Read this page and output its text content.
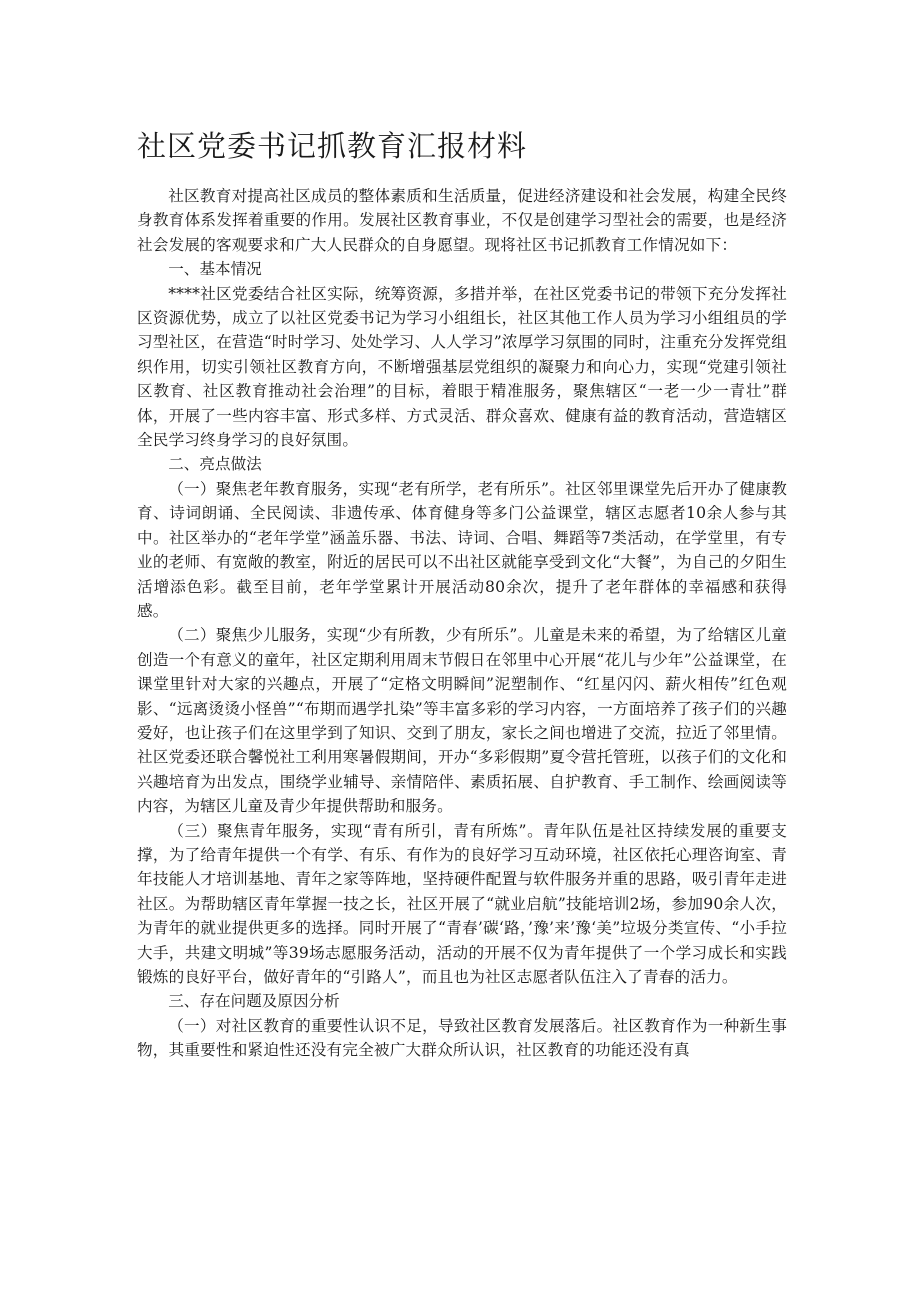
社区党委书记抓教育汇报材料

社区教育对提高社区成员的整体素质和生活质量，促进经济建设和社会发展，构建全民终身教育体系发挥着重要的作用。发展社区教育事业，不仅是创建学习型社会的需要，也是经济社会发展的客观要求和广大人民群众的自身愿望。现将社区书记抓教育工作情况如下：

一、基本情况

****社区党委结合社区实际，统筹资源，多措并举，在社区党委书记的带领下充分发挥社区资源优势，成立了以社区党委书记为学习小组组长，社区其他工作人员为学习小组组员的学习型社区，在营造“时时学习、处处学习、人人学习”浓厚学习氛围的同时，注重充分发挥党组织作用，切实引领社区教育方向，不断增强基层党组织的凝聚力和向心力，实现“党建引领社区教育、社区教育推动社会治理”的目标，着眼于精准服务，聚焦辖区“一老一少一青壮”群体，开展了一些内容丰富、形式多样、方式灵活、群众喜欢、健康有益的教育活动，营造辖区全民学习终身学习的良好氛围。

二、亮点做法

（一）聚焦老年教育服务，实现“老有所学，老有所乐”。社区邻里课堂先后开办了健康教育、诗词朗诵、全民阅读、非遗传承、体育健身等多门公益课堂，辖区志愿者10余人参与其中。社区举办的“老年学堂”涵盖乐器、书法、诗词、合唱、舞蹈等7类活动，在学堂里，有专业的老师、有宽敞的教室，附近的居民可以不出社区就能享受到文化“大餐”，为自己的夕阳生活增添色彩。截至目前，老年学堂累计开展活动80余次，提升了老年群体的幸福感和获得感。

（二）聚焦少儿服务，实现“少有所教，少有所乐”。儿童是未来的希望，为了给辖区儿童创造一个有意义的童年，社区定期利用周末节假日在邻里中心开展“花儿与少年”公益课堂，在课堂里针对大家的兴趣点，开展了“定格文明瞬间”泥塑制作、“红星闪闪、薪火相传”红色观影、“远离烫烫小怪兽”“布期而遇学扎染”等丰富多彩的学习内容，一方面培养了孩子们的兴趣爱好，也让孩子们在这里学到了知识、交到了朋友，家长之间也增进了交流，拉近了邻里情。社区党委还联合馨悦社工利用寒暑假期间，开办“多彩假期”夏令营托管班，以孩子们的文化和兴趣培育为出发点，围绕学业辅导、亲情陪伴、素质拓展、自护教育、手工制作、绘画阅读等内容，为辖区儿童及青少年提供帮助和服务。

（三）聚焦青年服务，实现“青有所引，青有所炼”。青年队伍是社区持续发展的重要支撑，为了给青年提供一个有学、有乐、有作为的良好学习互动环境，社区依托心理咨询室、青年技能人才培训基地、青年之家等阵地，坚持硬件配置与软件服务并重的思路，吸引青年走进社区。为帮助辖区青年掌握一技之长，社区开展了“就业启航”技能培训2场，参加90余人次，为青年的就业提供更多的选择。同时开展了“青春’碳‘路，’豫’来’豫‘美”垃圾分类宣传、“小手拉大手，共建文明城”等39场志愿服务活动，活动的开展不仅为青年提供了一个学习成长和实践锻炼的良好平台，做好青年的“引路人”，而且也为社区志愿者队伍注入了青春的活力。

三、存在问题及原因分析

（一）对社区教育的重要性认识不足，导致社区教育发展落后。社区教育作为一种新生事物，其重要性和紧迫性还没有完全被广大群众所认识，社区教育的功能还没有真
